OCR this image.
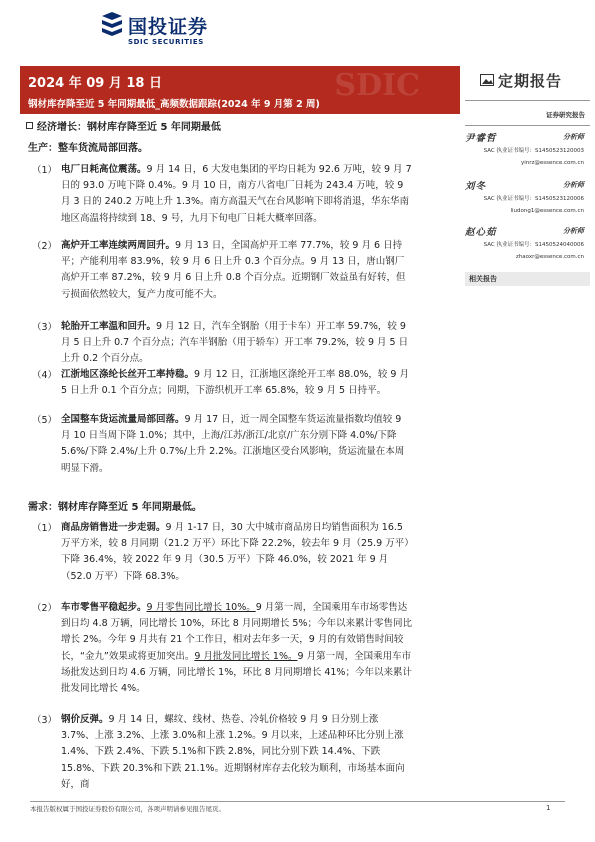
国投证券
SDIC SECURITIES
SDIC
2024 年 09 月 18 日
钢材库存降至近 5 年同期最低_高频数据跟踪(2024 年 9 月第 2 周)
定期报告
证券研究报告
尹睿哲	分析师
SAC 执业证书编号：S1450523120003
yinrz@essence.com.cn
刘冬	分析师
SAC 执业证书编号：S1450523120006
liudong1@essence.com.cn
赵心茹	分析师
SAC 执业证书编号：S1450524040006
zhaoxr@essence.com.cn
相关报告
经济增长：钢材库存降至近 5 年同期最低
生产：整车货流局部回落。
（1） 电厂日耗高位震荡。9 月 14 日，6 大发电集团的平均日耗为 92.6 万吨，较 9 月 7 日的 93.0 万吨下降 0.4%。9 月 10 日，南方八省电厂日耗为 243.4 万吨，较 9 月 3 日的 240.2 万吨上升 1.3%。南方高温天气在台风影响下即将消退，华东华南地区高温将持续到 18、9 号，九月下旬电厂日耗大概率回落。
（2） 高炉开工率连续两周回升。9 月 13 日，全国高炉开工率 77.7%，较 9 月 6 日持平；产能利用率 83.9%，较 9 月 6 日上升 0.3 个百分点。9 月 13 日，唐山钢厂高炉开工率 87.2%，较 9 月 6 日上升 0.8 个百分点。近期钢厂效益虽有好转，但亏损面依然较大，复产力度可能不大。
（3） 轮胎开工率温和回升。9 月 12 日，汽车全钢胎（用于卡车）开工率 59.7%，较 9 月 5 日上升 0.7 个百分点；汽车半钢胎（用于轿车）开工率 79.2%，较 9 月 5 日上升 0.2 个百分点。
（4） 江浙地区涤纶长丝开工率持稳。9 月 12 日，江浙地区涤纶开工率 88.0%，较 9 月 5 日上升 0.1 个百分点；同期，下游织机开工率 65.8%，较 9 月 5 日持平。
（5） 全国整车货运流量局部回落。9 月 17 日，近一周全国整车货运流量指数均值较 9 月 10 日当周下降 1.0%；其中，上海/江苏/浙江/北京/广东分别下降 4.0%/下降 5.6%/下降 2.4%/上升 0.7%/上升 2.2%。江浙地区受台风影响，货运流量在本周明显下滑。
需求：钢材库存降至近 5 年同期最低。
（1） 商品房销售进一步走弱。9 月 1-17 日，30 大中城市商品房日均销售面积为 16.5 万平方米，较 8 月同期（21.2 万平）环比下降 22.2%，较去年 9 月（25.9 万平）下降 36.4%，较 2022 年 9 月（30.5 万平）下降 46.0%，较 2021 年 9 月（52.0 万平）下降 68.3%。
（2） 车市零售平稳起步。9 月零售同比增长 10%。9 月第一周，全国乘用车市场零售达到日均 4.8 万辆，同比增长 10%，环比 8 月同期增长 5%；今年以来累计零售同比增长 2%。今年 9 月共有 21 个工作日，相对去年多一天，9 月的有效销售时间较长，“金九”效果或将更加突出。9 月批发同比增长 1%。9 月第一周，全国乘用车市场批发达到日均 4.6 万辆，同比增长 1%，环比 8 月同期增长 41%；今年以来累计批发同比增长 4%。
（3） 钢价反弹。9 月 14 日，螺纹、线材、热卷、冷轧价格较 9 月 9 日分别上涨 3.7%、上涨 3.2%、上涨 3.0%和上涨 1.2%。9 月以来，上述品种环比分别上涨 1.4%、下跌 2.4%、下跌 5.1%和下跌 2.8%，同比分别下跌 14.4%、下跌 15.8%、下跌 20.3%和下跌 21.1%。近期钢材库存去化较为顺利，市场基本面向好，商
本报告版权属于国投证券股份有限公司，各项声明请参见报告尾页。	1
